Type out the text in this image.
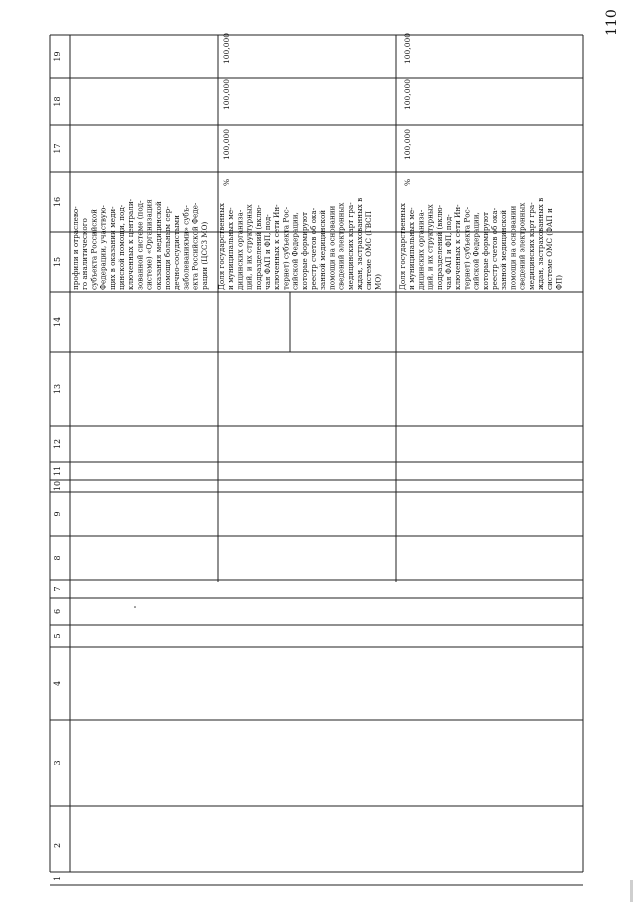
110
19
18
17
16
15
14
13
12
11
10
9
8
7
6
5
4
3
2
1
профили и отраслево- го аналитического субъекта Российской Федерации, участвую- щих в оказании меди- цинской помощи, под- ключенных к централи- зованной системе (под- системе) «Организация оказания медицинской помощи больным сер- дечно-сосудистыми заболеваниями» субъ- екта Российской Феде- рации (ЦССЗ МО) Доля государственных и муниципальных ме- дицинских организа- ций, и их структурных подразделений (вклю- чая ФАП и ФП, под- ключенных к сети Ин- тернет) субъекта Рос- сийской Федерации, которые формируют реестр счетов об ока- занной медицинской помощи на основании сведений электронных медицинских карт гра- ждан, застрахованных в системе ОМС (ГВСП МО)
%
100,000
100,000
100,000
Доля государственных и муниципальных ме- дицинских организа- ций, и их структурных подразделений (вклю- чая ФАП и ФП, под- ключенных к сети Ин- тернет) субъекта Рос- сийской Федерации, которые формируют реестр счетов об ока- занной медицинской помощи на основании сведений электронных медицинских карт гра- ждан, застрахованных в системе ОМС (ФАП и ФП)
%
100,000
100,000
100,000
